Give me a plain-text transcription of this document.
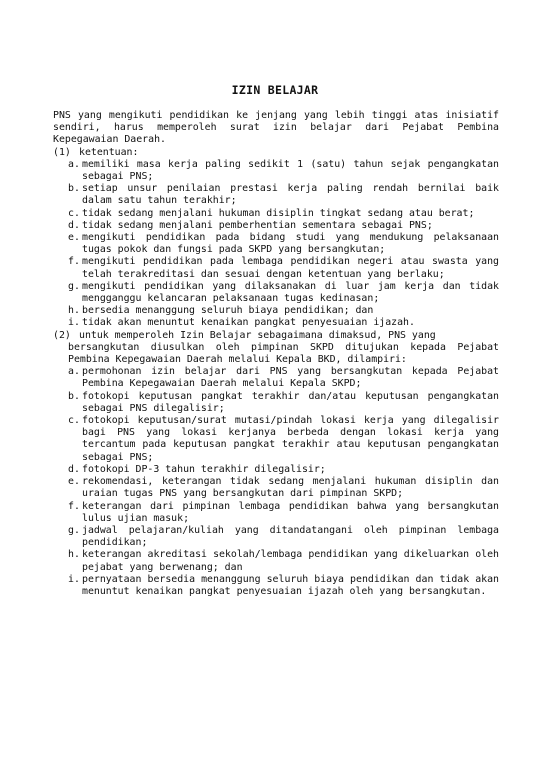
IZIN BELAJAR

PNS yang mengikuti pendidikan ke jenjang yang lebih tinggi atas inisiatif sendiri, harus memperoleh surat izin belajar dari Pejabat Pembina Kepegawaian Daerah.

(1) ketentuan:
a. memiliki masa kerja paling sedikit 1 (satu) tahun sejak pengangkatan sebagai PNS;
b. setiap unsur penilaian prestasi kerja paling rendah bernilai baik dalam satu tahun terakhir;
c. tidak sedang menjalani hukuman disiplin tingkat sedang atau berat;
d. tidak sedang menjalani pemberhentian sementara sebagai PNS;
e. mengikuti pendidikan pada bidang studi yang mendukung pelaksanaan tugas pokok dan fungsi pada SKPD yang bersangkutan;
f. mengikuti pendidikan pada lembaga pendidikan negeri atau swasta yang telah terakreditasi dan sesuai dengan ketentuan yang berlaku;
g. mengikuti pendidikan yang dilaksanakan di luar jam kerja dan tidak mengganggu kelancaran pelaksanaan tugas kedinasan;
h. bersedia menanggung seluruh biaya pendidikan; dan
i. tidak akan menuntut kenaikan pangkat penyesuaian ijazah.
(2) untuk memperoleh Izin Belajar sebagaimana dimaksud, PNS yang

bersangkutan diusulkan oleh pimpinan SKPD ditujukan kepada Pejabat Pembina Kepegawaian Daerah melalui Kepala BKD, dilampiri:

a. permohonan izin belajar dari PNS yang bersangkutan kepada Pejabat Pembina Kepegawaian Daerah melalui Kepala SKPD;
b. fotokopi keputusan pangkat terakhir dan/atau keputusan pengangkatan sebagai PNS dilegalisir;
c. fotokopi keputusan/surat mutasi/pindah lokasi kerja yang dilegalisir bagi PNS yang lokasi kerjanya berbeda dengan lokasi kerja yang tercantum pada keputusan pangkat terakhir atau keputusan pengangkatan sebagai PNS;
d. fotokopi DP-3 tahun terakhir dilegalisir;
e. rekomendasi, keterangan tidak sedang menjalani hukuman disiplin dan uraian tugas PNS yang bersangkutan dari pimpinan SKPD;
f. keterangan dari pimpinan lembaga pendidikan bahwa yang bersangkutan lulus ujian masuk;
g. jadwal pelajaran/kuliah yang ditandatangani oleh pimpinan lembaga pendidikan;
h. keterangan akreditasi sekolah/lembaga pendidikan yang dikeluarkan oleh pejabat yang berwenang; dan
i. pernyataan bersedia menanggung seluruh biaya pendidikan dan tidak akan menuntut kenaikan pangkat penyesuaian ijazah oleh yang bersangkutan.
